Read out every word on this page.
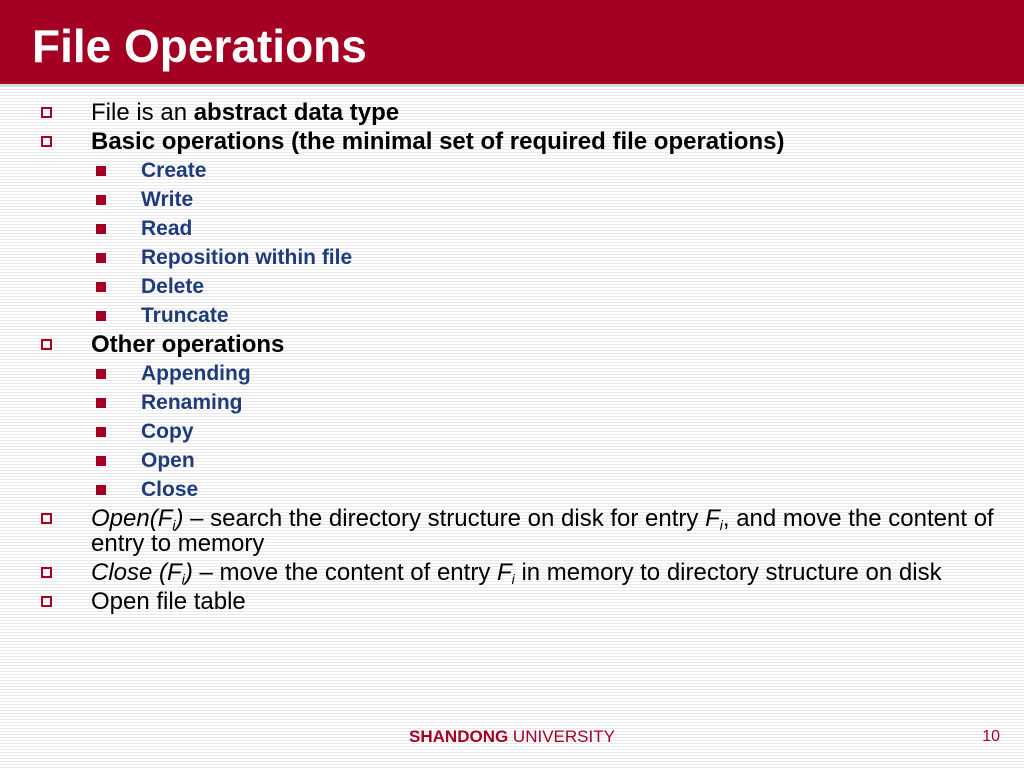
File Operations
File is an abstract data type
Basic operations (the minimal set of required file operations)
Create
Write
Read
Reposition within file
Delete
Truncate
Other operations
Appending
Renaming
Copy
Open
Close
$Open(F_i)$ – search the directory structure on disk for entry $F_i$, and move the content of entry to memory
Close $(F_i)$ – move the content of entry $F_i$ in memory to directory structure on disk
Open file table
SHANDONG UNIVERSITY	10
